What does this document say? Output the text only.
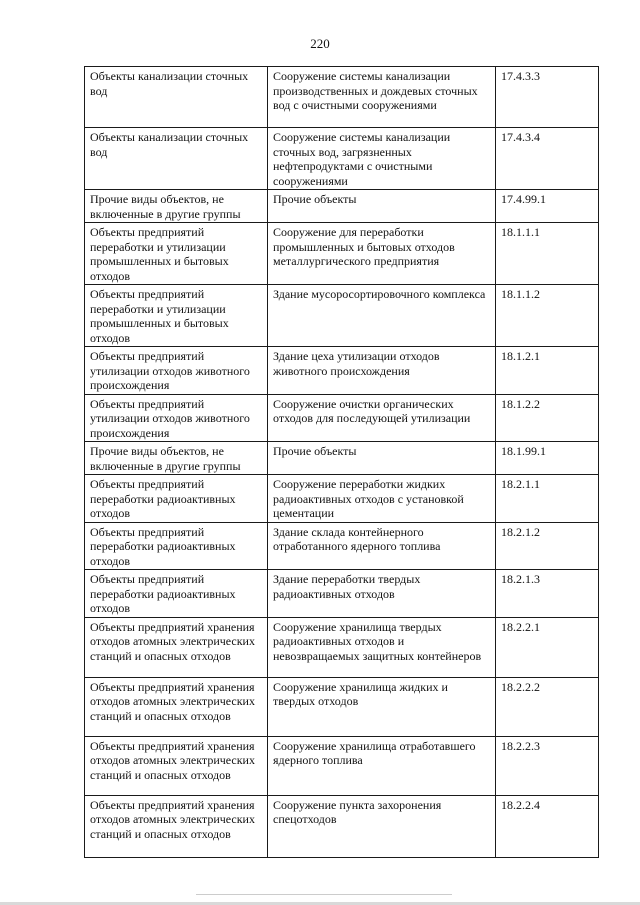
220
Объекты канализации сточных вод	Сооружение системы канализации производственных и дождевых сточных вод с очистными сооружениями	17.4.3.3
Объекты канализации сточных вод	Сооружение системы канализации сточных вод, загрязненных нефтепродуктами с очистными сооружениями	17.4.3.4
Прочие виды объектов, не включенные в другие группы	Прочие объекты	17.4.99.1
Объекты предприятий переработки и утилизации промышленных и бытовых отходов	Сооружение для переработки промышленных и бытовых отходов металлургического предприятия	18.1.1.1
Объекты предприятий переработки и утилизации промышленных и бытовых отходов	Здание мусоросортировочного комплекса	18.1.1.2
Объекты предприятий утилизации отходов животного происхождения	Здание цеха утилизации отходов животного происхождения	18.1.2.1
Объекты предприятий утилизации отходов животного происхождения	Сооружение очистки органических отходов для последующей утилизации	18.1.2.2
Прочие виды объектов, не включенные в другие группы	Прочие объекты	18.1.99.1
Объекты предприятий переработки радиоактивных отходов	Сооружение переработки жидких радиоактивных отходов с установкой цементации	18.2.1.1
Объекты предприятий переработки радиоактивных отходов	Здание склада контейнерного отработанного ядерного топлива	18.2.1.2
Объекты предприятий переработки радиоактивных отходов	Здание переработки твердых радиоактивных отходов	18.2.1.3
Объекты предприятий хранения отходов атомных электрических станций и опасных отходов	Сооружение хранилища твердых радиоактивных отходов и невозвращаемых защитных контейнеров	18.2.2.1
Объекты предприятий хранения отходов атомных электрических станций и опасных отходов	Сооружение хранилища жидких и твердых отходов	18.2.2.2
Объекты предприятий хранения отходов атомных электрических станций и опасных отходов	Сооружение хранилища отработавшего ядерного топлива	18.2.2.3
Объекты предприятий хранения отходов атомных электрических станций и опасных отходов	Сооружение пункта захоронения спецотходов	18.2.2.4
